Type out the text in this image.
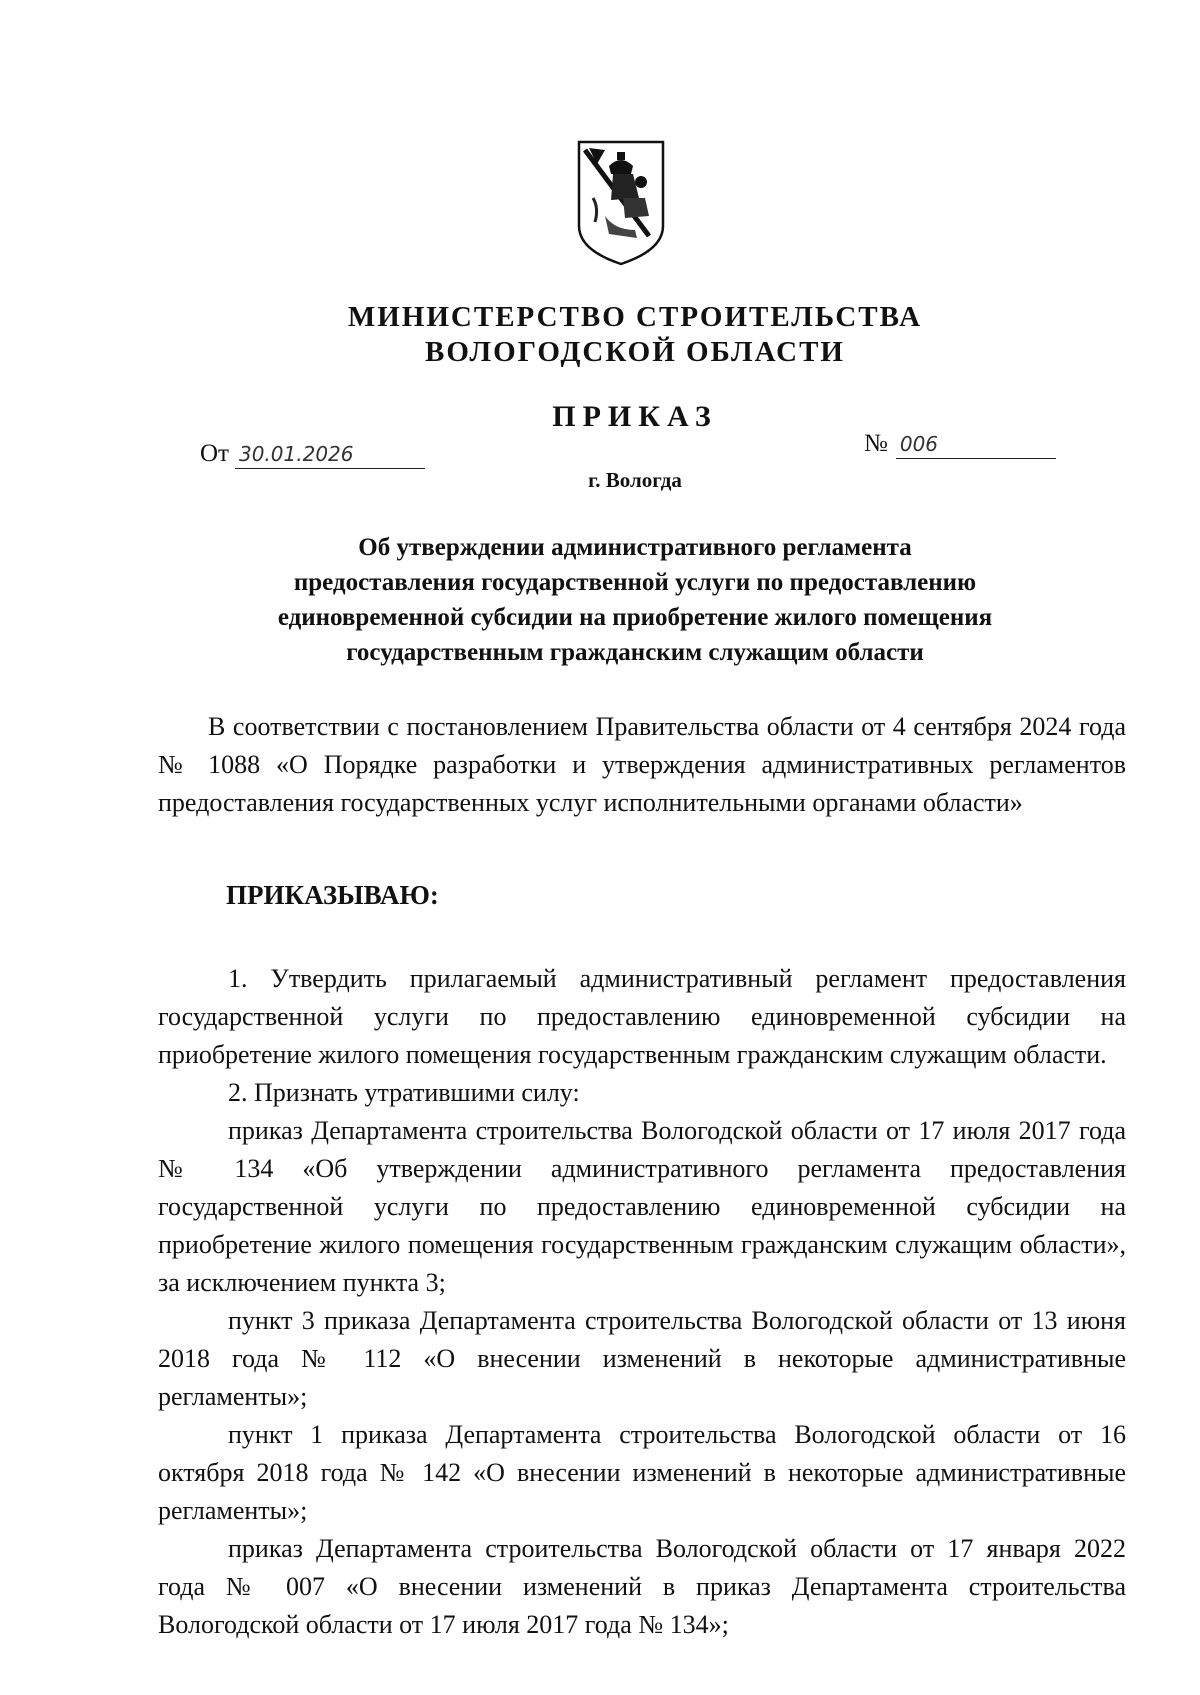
МИНИСТЕРСТВО СТРОИТЕЛЬСТВА
ВОЛОГОДСКОЙ ОБЛАСТИ
ПРИКАЗ
От 30.01.2026	№ 006
г. Вологда
Об утверждении административного регламента
предоставления государственной услуги по предоставлению
единовременной субсидии на приобретение жилого помещения
государственным гражданским служащим области
В соответствии с постановлением Правительства области от 4 сентября 2024 года № 1088 «О Порядке разработки и утверждения административных регламентов предоставления государственных услуг исполнительными органами области»
ПРИКАЗЫВАЮ:

1. Утвердить прилагаемый административный регламент предоставления государственной услуги по предоставлению единовременной субсидии на приобретение жилого помещения государственным гражданским служащим области.

2. Признать утратившими силу:

приказ Департамента строительства Вологодской области от 17 июля 2017 года № 134 «Об утверждении административного регламента предоставления государственной услуги по предоставлению единовременной субсидии на приобретение жилого помещения государственным гражданским служащим области», за исключением пункта 3;

пункт 3 приказа Департамента строительства Вологодской области от 13 июня 2018 года № 112 «О внесении изменений в некоторые административные регламенты»;

пункт 1 приказа Департамента строительства Вологодской области от 16 октября 2018 года № 142 «О внесении изменений в некоторые административные регламенты»;

приказ Департамента строительства Вологодской области от 17 января 2022 года № 007 «О внесении изменений в приказ Департамента строительства Вологодской области от 17 июля 2017 года № 134»;
